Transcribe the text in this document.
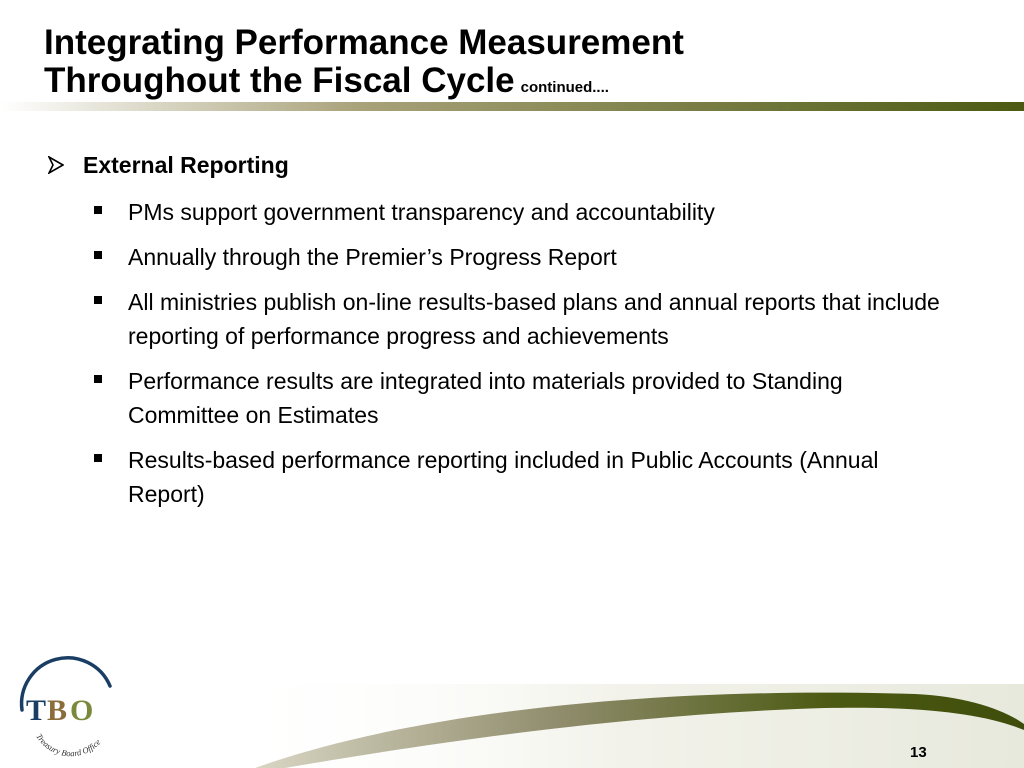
Integrating Performance Measurement
Throughout the Fiscal Cycle continued....
External Reporting
PMs support government transparency and accountability
Annually through the Premier’s Progress Report
All ministries publish on-line results-based plans and annual reports that include reporting of performance progress and achievements
Performance results are integrated into materials provided to Standing Committee on Estimates
Results-based performance reporting included in Public Accounts (Annual Report)
T B O
Treasury Board Office
13
